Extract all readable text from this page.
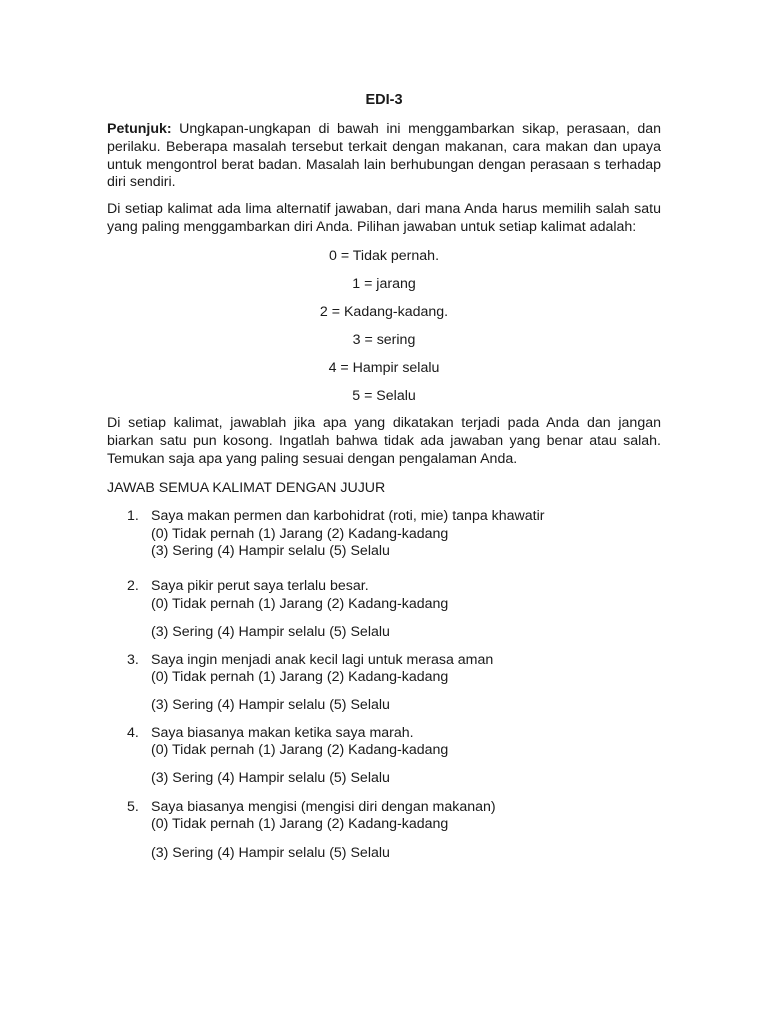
EDI-3

Petunjuk: Ungkapan-ungkapan di bawah ini menggambarkan sikap, perasaan, dan perilaku. Beberapa masalah tersebut terkait dengan makanan, cara makan dan upaya untuk mengontrol berat badan. Masalah lain berhubungan dengan perasaan s terhadap diri sendiri.

Di setiap kalimat ada lima alternatif jawaban, dari mana Anda harus memilih salah satu yang paling menggambarkan diri Anda. Pilihan jawaban untuk setiap kalimat adalah:

0 = Tidak pernah.
1 = jarang
2 = Kadang-kadang.
3 = sering
4 = Hampir selalu
5 = Selalu

Di setiap kalimat, jawablah jika apa yang dikatakan terjadi pada Anda dan jangan biarkan satu pun kosong. Ingatlah bahwa tidak ada jawaban yang benar atau salah. Temukan saja apa yang paling sesuai dengan pengalaman Anda.

JAWAB SEMUA KALIMAT DENGAN JUJUR
1. Saya makan permen dan karbohidrat (roti, mie) tanpa khawatir
(0) Tidak pernah (1) Jarang (2) Kadang-kadang
(3) Sering (4) Hampir selalu (5) Selalu
2. Saya pikir perut saya terlalu besar.
(0) Tidak pernah (1) Jarang (2) Kadang-kadang
(3) Sering (4) Hampir selalu (5) Selalu
3. Saya ingin menjadi anak kecil lagi untuk merasa aman
(0) Tidak pernah (1) Jarang (2) Kadang-kadang
(3) Sering (4) Hampir selalu (5) Selalu
4. Saya biasanya makan ketika saya marah.
(0) Tidak pernah (1) Jarang (2) Kadang-kadang
(3) Sering (4) Hampir selalu (5) Selalu
5. Saya biasanya mengisi (mengisi diri dengan makanan)
(0) Tidak pernah (1) Jarang (2) Kadang-kadang
(3) Sering (4) Hampir selalu (5) Selalu
